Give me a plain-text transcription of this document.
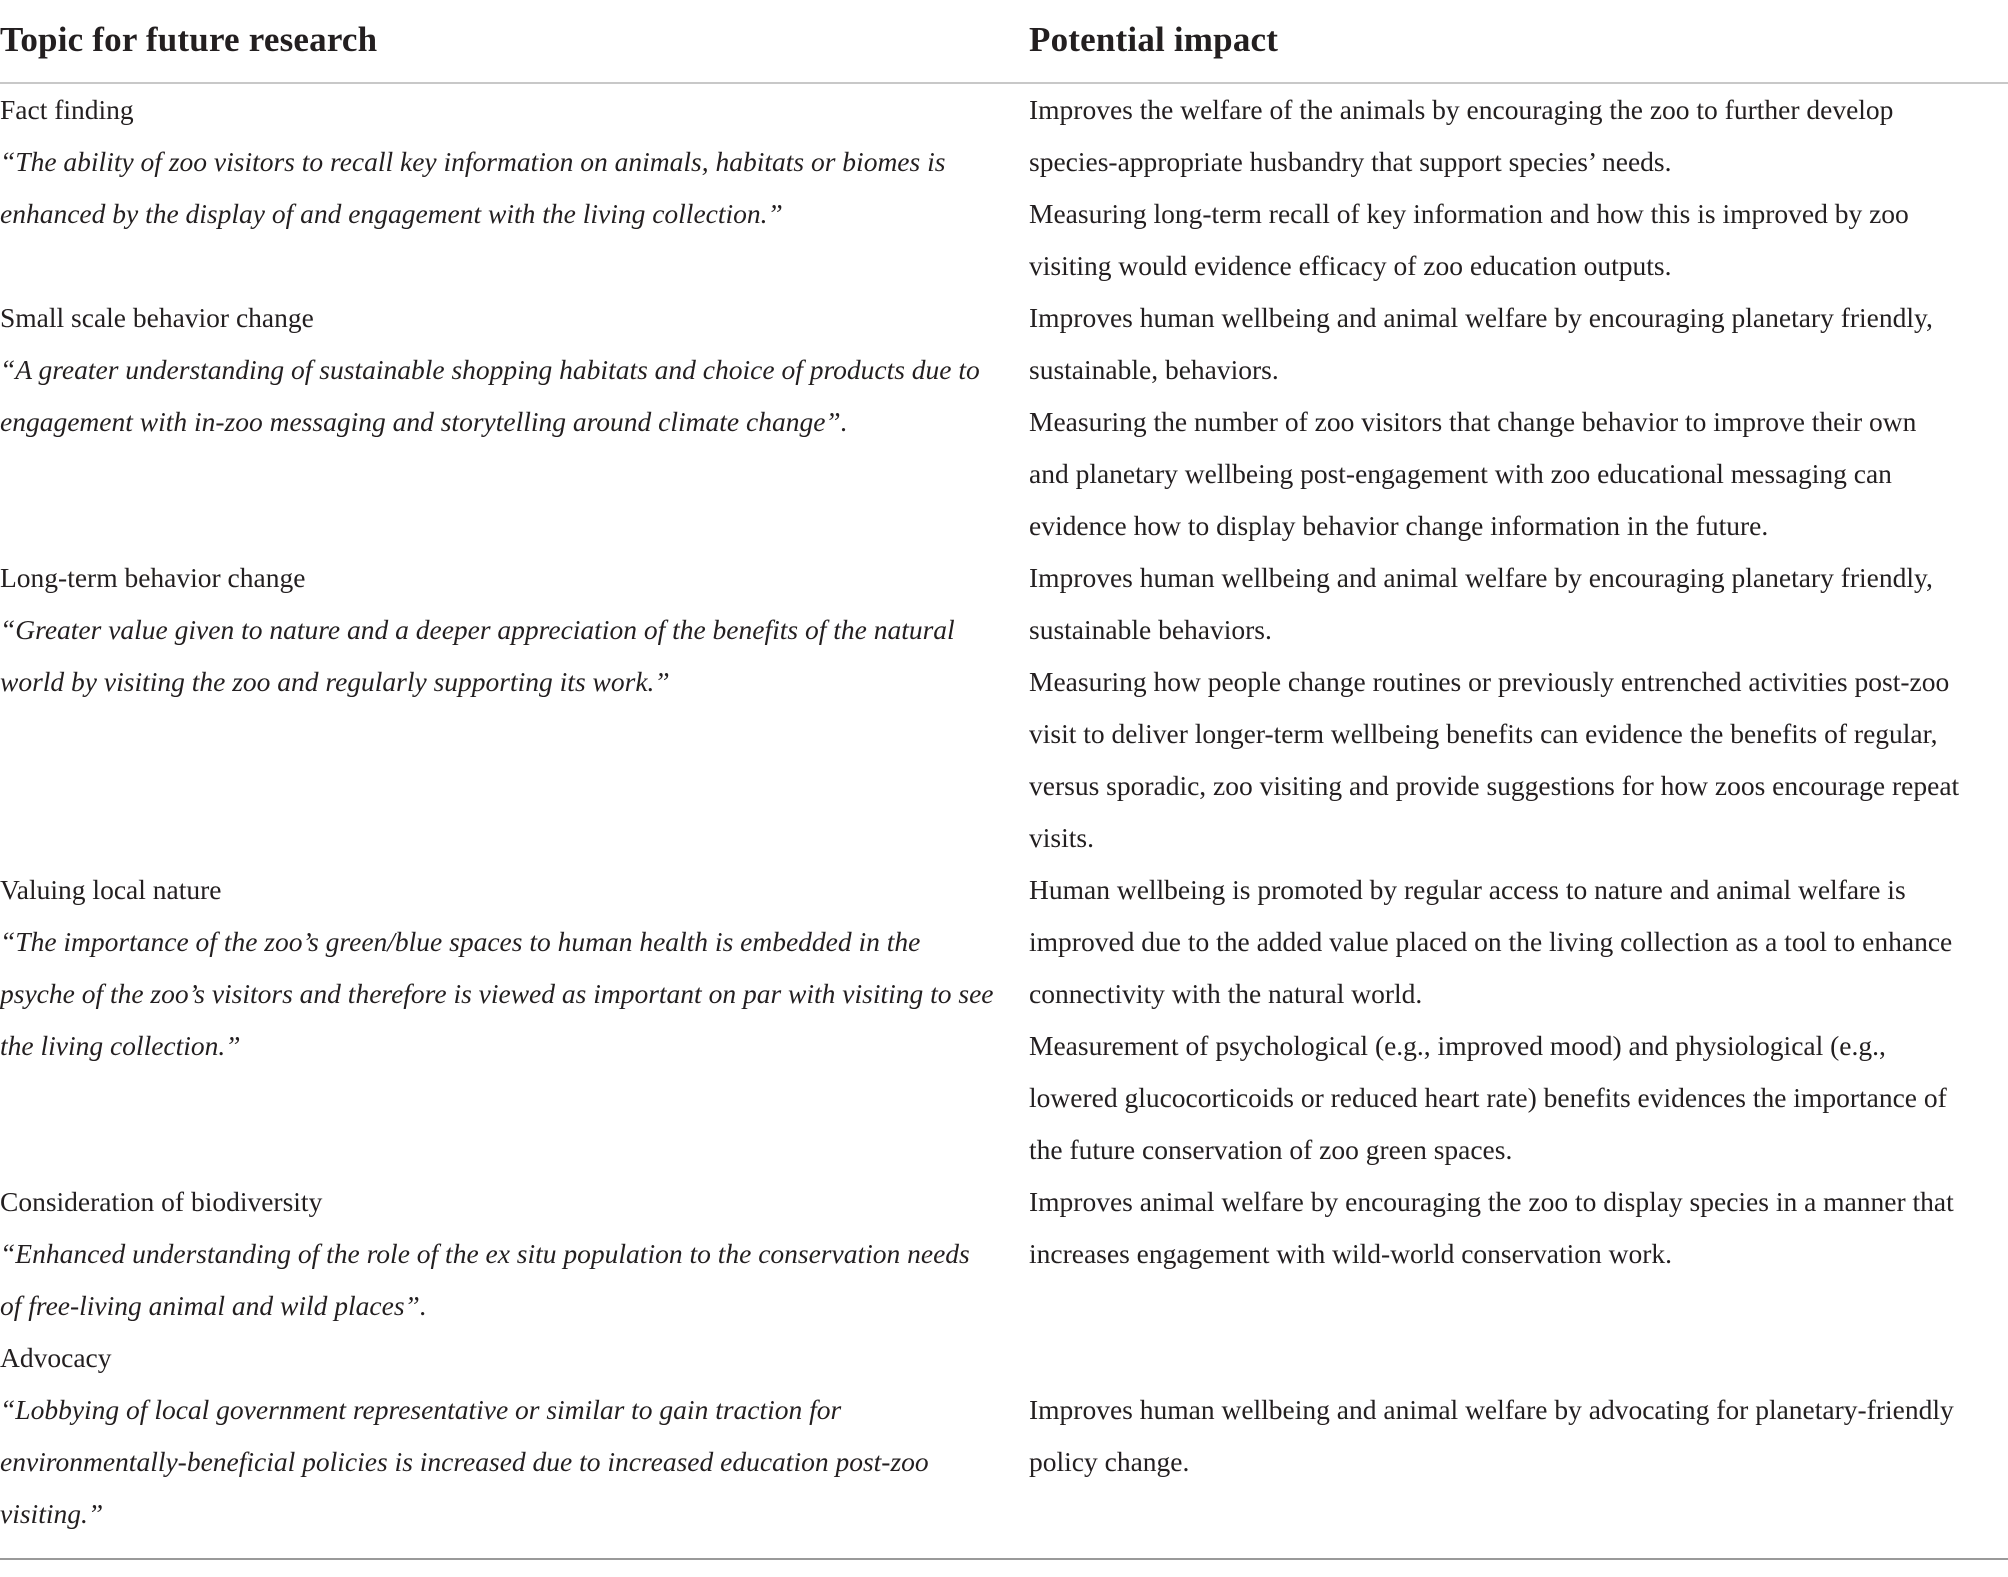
Topic for future research	Potential impact
Fact finding
“The ability of zoo visitors to recall key information on animals, habitats or biomes is
enhanced by the display of and engagement with the living collection.”
Improves the welfare of the animals by encouraging the zoo to further develop
species-appropriate husbandry that support species’ needs.
Measuring long-term recall of key information and how this is improved by zoo
visiting would evidence efficacy of zoo education outputs.
Small scale behavior change
“A greater understanding of sustainable shopping habitats and choice of products due to
engagement with in-zoo messaging and storytelling around climate change”.
Improves human wellbeing and animal welfare by encouraging planetary friendly,
sustainable, behaviors.
Measuring the number of zoo visitors that change behavior to improve their own
and planetary wellbeing post-engagement with zoo educational messaging can
evidence how to display behavior change information in the future.
Long-term behavior change
“Greater value given to nature and a deeper appreciation of the benefits of the natural
world by visiting the zoo and regularly supporting its work.”
Improves human wellbeing and animal welfare by encouraging planetary friendly,
sustainable behaviors.
Measuring how people change routines or previously entrenched activities post-zoo
visit to deliver longer-term wellbeing benefits can evidence the benefits of regular,
versus sporadic, zoo visiting and provide suggestions for how zoos encourage repeat
visits.
Valuing local nature
“The importance of the zoo’s green/blue spaces to human health is embedded in the
psyche of the zoo’s visitors and therefore is viewed as important on par with visiting to see
the living collection.”
Human wellbeing is promoted by regular access to nature and animal welfare is
improved due to the added value placed on the living collection as a tool to enhance
connectivity with the natural world.
Measurement of psychological (e.g., improved mood) and physiological (e.g.,
lowered glucocorticoids or reduced heart rate) benefits evidences the importance of
the future conservation of zoo green spaces.
Consideration of biodiversity
“Enhanced understanding of the role of the ex situ population to the conservation needs
of free-living animal and wild places”.
Improves animal welfare by encouraging the zoo to display species in a manner that
increases engagement with wild-world conservation work.
Advocacy
“Lobbying of local government representative or similar to gain traction for
environmentally-beneficial policies is increased due to increased education post-zoo
visiting.”

Improves human wellbeing and animal welfare by advocating for planetary-friendly
policy change.
